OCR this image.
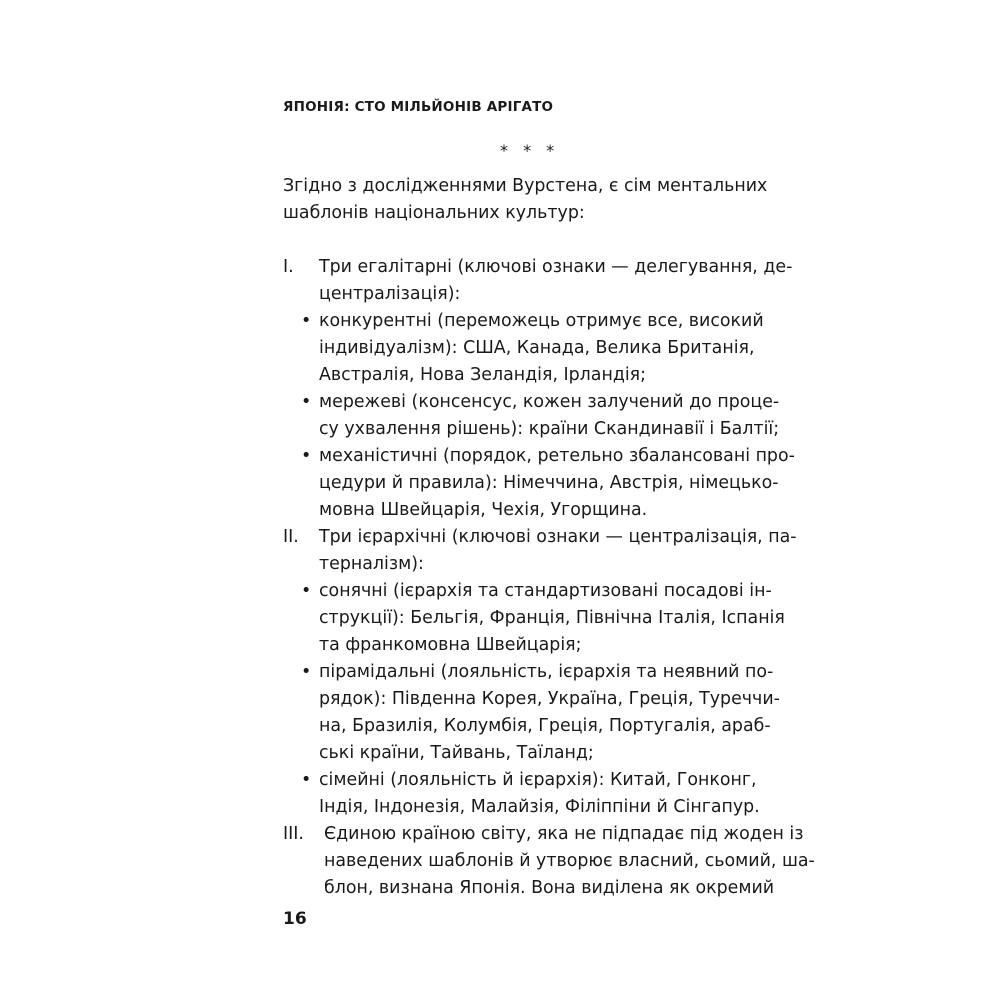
ЯПОНІЯ: СТО МІЛЬЙОНІВ АРІГАТО
* * *
Згідно з дослідженнями Вурстена, є сім ментальних
шаблонів національних культур:
І. Три егалітарні (ключові ознаки — делегування, де-
централізація):
• конкурентні (переможець отримує все, високий
індивідуалізм): США, Канада, Велика Британія,
Австралія, Нова Зеландія, Ірландія;
• мережеві (консенсус, кожен залучений до проце-
су ухвалення рішень): країни Скандинавії і Балтії;
• механістичні (порядок, ретельно збалансовані про-
цедури й правила): Німеччина, Австрія, німецько-
мовна Швейцарія, Чехія, Угорщина.
ІІ. Три ієрархічні (ключові ознаки — централізація, па-
терналізм):
• сонячні (ієрархія та стандартизовані посадові ін-
струкції): Бельгія, Франція, Північна Італія, Іспанія
та франкомовна Швейцарія;
• пірамідальні (лояльність, ієрархія та неявний по-
рядок): Південна Корея, Україна, Греція, Туреччи-
на, Бразилія, Колумбія, Греція, Португалія, араб-
ські країни, Тайвань, Таїланд;
• сімейні (лояльність й ієрархія): Китай, Гонконг,
Індія, Індонезія, Малайзія, Філіппіни й Сінгапур.
ІІІ. Єдиною країною світу, яка не підпадає під жоден із
наведених шаблонів й утворює власний, сьомий, ша-
блон, визнана Японія. Вона виділена як окремий
16
